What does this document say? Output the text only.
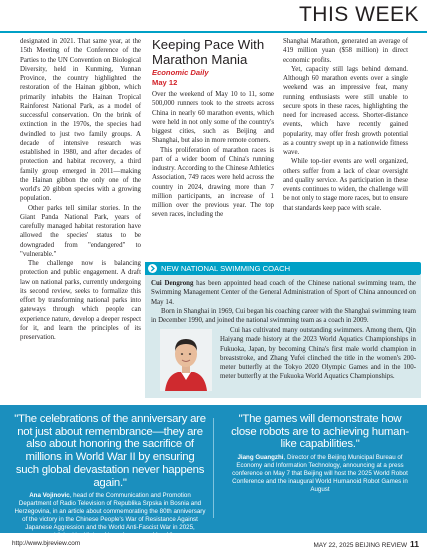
THIS WEEK

designated in 2021. That same year, at the 15th Meeting of the Conference of the Parties to the UN Convention on Biological Diversity, held in Kunming, Yunnan Province, the country highlighted the restoration of the Hainan gibbon, which primarily inhabits the Hainan Tropical Rainforest National Park, as a model of successful conservation. On the brink of extinction in the 1970s, the species had dwindled to just two family groups. A decade of intensive research was established in 1980, and after decades of protection and habitat recovery, a third family group emerged in 2011—making the Hainan gibbon the only one of the world's 20 gibbon species with a growing population.

Other parks tell similar stories. In the Giant Panda National Park, years of carefully managed habitat restoration have allowed the species' status to be downgraded from "endangered" to "vulnerable."

The challenge now is balancing protection and public engagement. A draft law on national parks, currently undergoing its second review, seeks to formalize this effort by transforming national parks into gateways through which people can experience nature, develop a deeper respect for it, and learn the principles of its preservation.

Keeping Pace With Marathon Mania
Economic Daily
May 12

Over the weekend of May 10 to 11, some 500,000 runners took to the streets across China in nearly 60 marathon events, which were held in not only some of the country's biggest cities, such as Beijing and Shanghai, but also in more remote corners.

This proliferation of marathon races is part of a wider boom of China's running industry. According to the Chinese Athletics Association, 749 races were held across the country in 2024, drawing more than 7 million participants, an increase of 1 million over the previous year. The top seven races, including the

Shanghai Marathon, generated an average of 419 million yuan ($58 million) in direct economic profits.

Yet, capacity still lags behind demand. Although 60 marathon events over a single weekend was an impressive feat, many running enthusiasts were still unable to secure spots in these races, highlighting the need for increased access. Shorter-distance events, which have recently gained popularity, may offer fresh growth potential as a country swept up in a nationwide fitness wave.

While top-tier events are well organized, others suffer from a lack of clear oversight and quality service. As participation in these events continues to widen, the challenge will be not only to stage more races, but to ensure that standards keep pace with scale.

NEW NATIONAL SWIMMING COACH

Cui Dengrong has been appointed head coach of the Chinese national swimming team, the Swimming Management Center of the General Administration of Sport of China announced on May 14.

Born in Shanghai in 1969, Cui began his coaching career with the Shanghai swimming team in December 1990, and joined the national swimming team as a coach in 2009.

Cui has cultivated many outstanding swimmers. Among them, Qin Haiyang made history at the 2023 World Aquatics Championships in Fukuoka, Japan, by becoming China's first male world champion in breaststroke, and Zhang Yufei clinched the title in the women's 200-meter butterfly at the Tokyo 2020 Olympic Games and in the 100-meter butterfly at the Fukuoka World Aquatics Championships.

"The celebrations of the anniversary are not just about remembrance—they are also about honoring the sacrifice of millions in World War II by ensuring such global devastation never happens again."
Ana Vojinovic, head of the Communication and Promotion Department of Radio Television of Republika Srpska in Bosnia and Herzegovina, in an article about commemorating the 80th anniversary of the victory in the Chinese People's War of Resistance Against Japanese Aggression and the World Anti-Fascist War in 2025, published by Xinhua News Agency on May 13
"The games will demonstrate how close robots are to achieving human-like capabilities."
Jiang Guangzhi, Director of the Beijing Municipal Bureau of Economy and Information Technology, announcing at a press conference on May 7 that Beijing will host the 2025 World Robot Conference and the inaugural World Humanoid Robot Games in August
http://www.bjreview.com	MAY 22, 2025 BEIJING REVIEW 11
